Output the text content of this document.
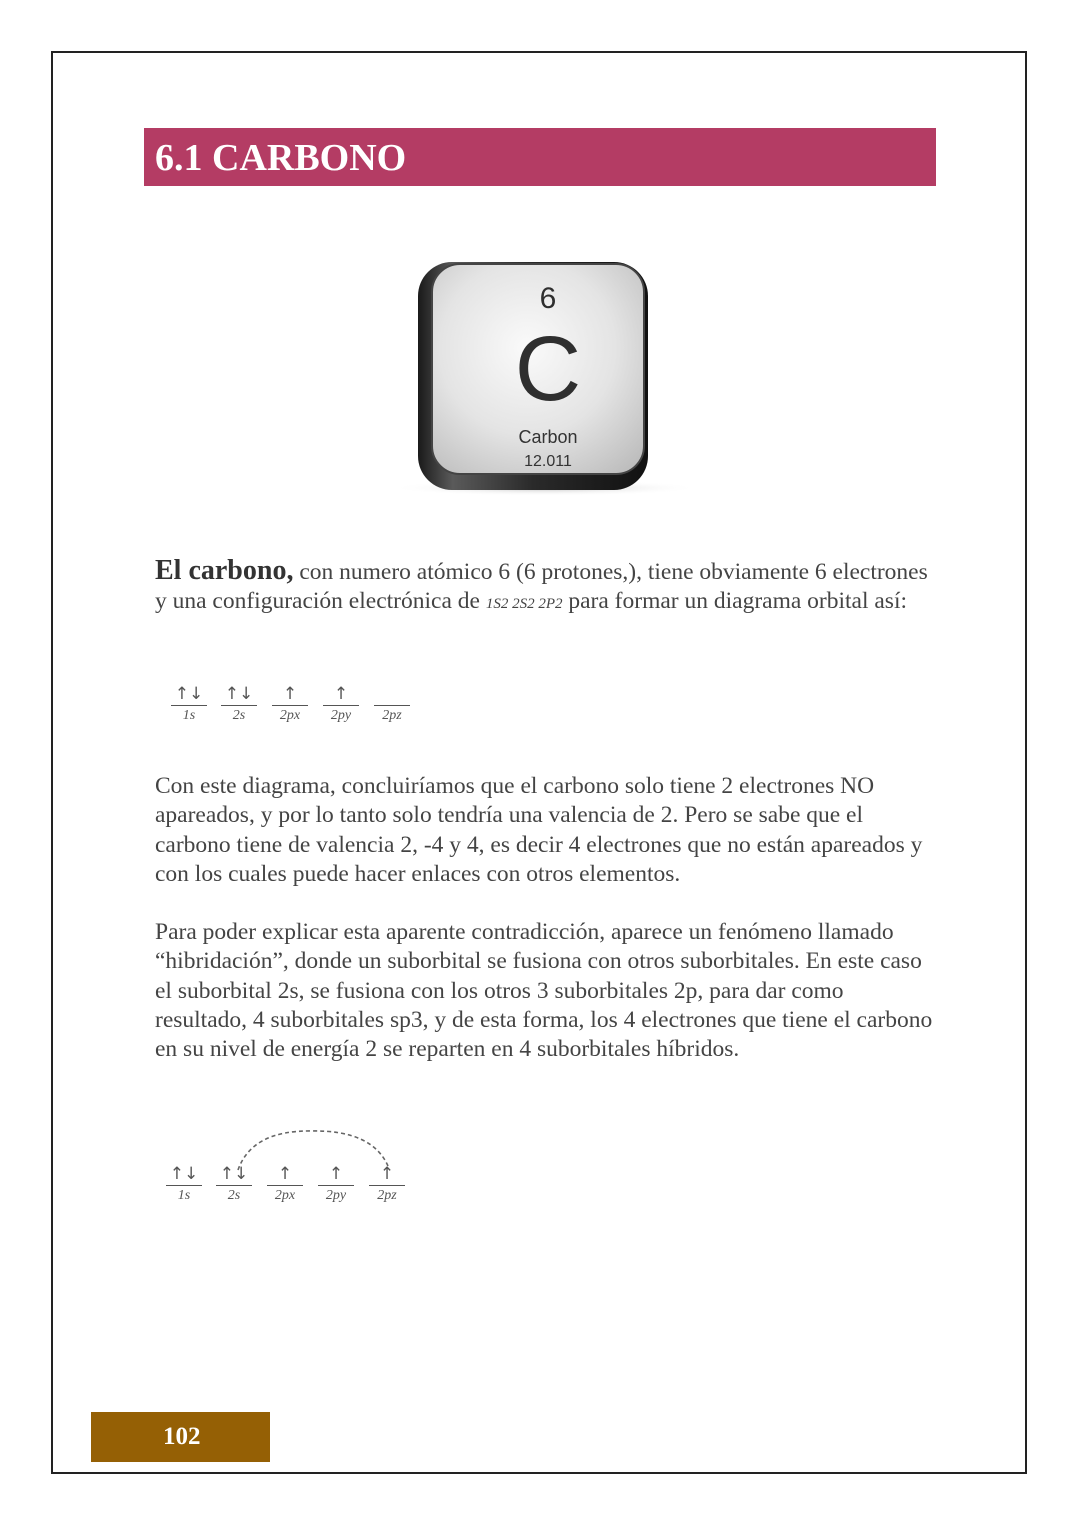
6.1 CARBONO
6
C
Carbon
12.011
El carbono, con numero atómico 6 (6 protones,), tiene obviamente 6 electrones y una configuración electrónica de 1S2 2S2 2P2 para formar un diagrama orbital así:
↑↓
1s
↑↓
2s
↑
2px
↑
2py	2pz
Con este diagrama, concluiríamos que el carbono solo tiene 2 electrones NO apareados, y por lo tanto solo tendría una valencia de 2. Pero se sabe que el carbono tiene de valencia 2, -4 y 4, es decir 4 electrones que no están apareados y con los cuales puede hacer enlaces con otros elementos.
Para poder explicar esta aparente contradicción, aparece un fenómeno llamado “hibridación”, donde un suborbital se fusiona con otros suborbitales. En este caso el suborbital 2s, se fusiona con los otros 3 suborbitales 2p, para dar como resultado, 4 suborbitales sp3, y de esta forma, los 4 electrones que tiene el carbono en su nivel de energía 2 se reparten en 4 suborbitales híbridos.
↑↓
1s
↑↓
2s
↑
2px
↑
2py
↑
2pz
102
